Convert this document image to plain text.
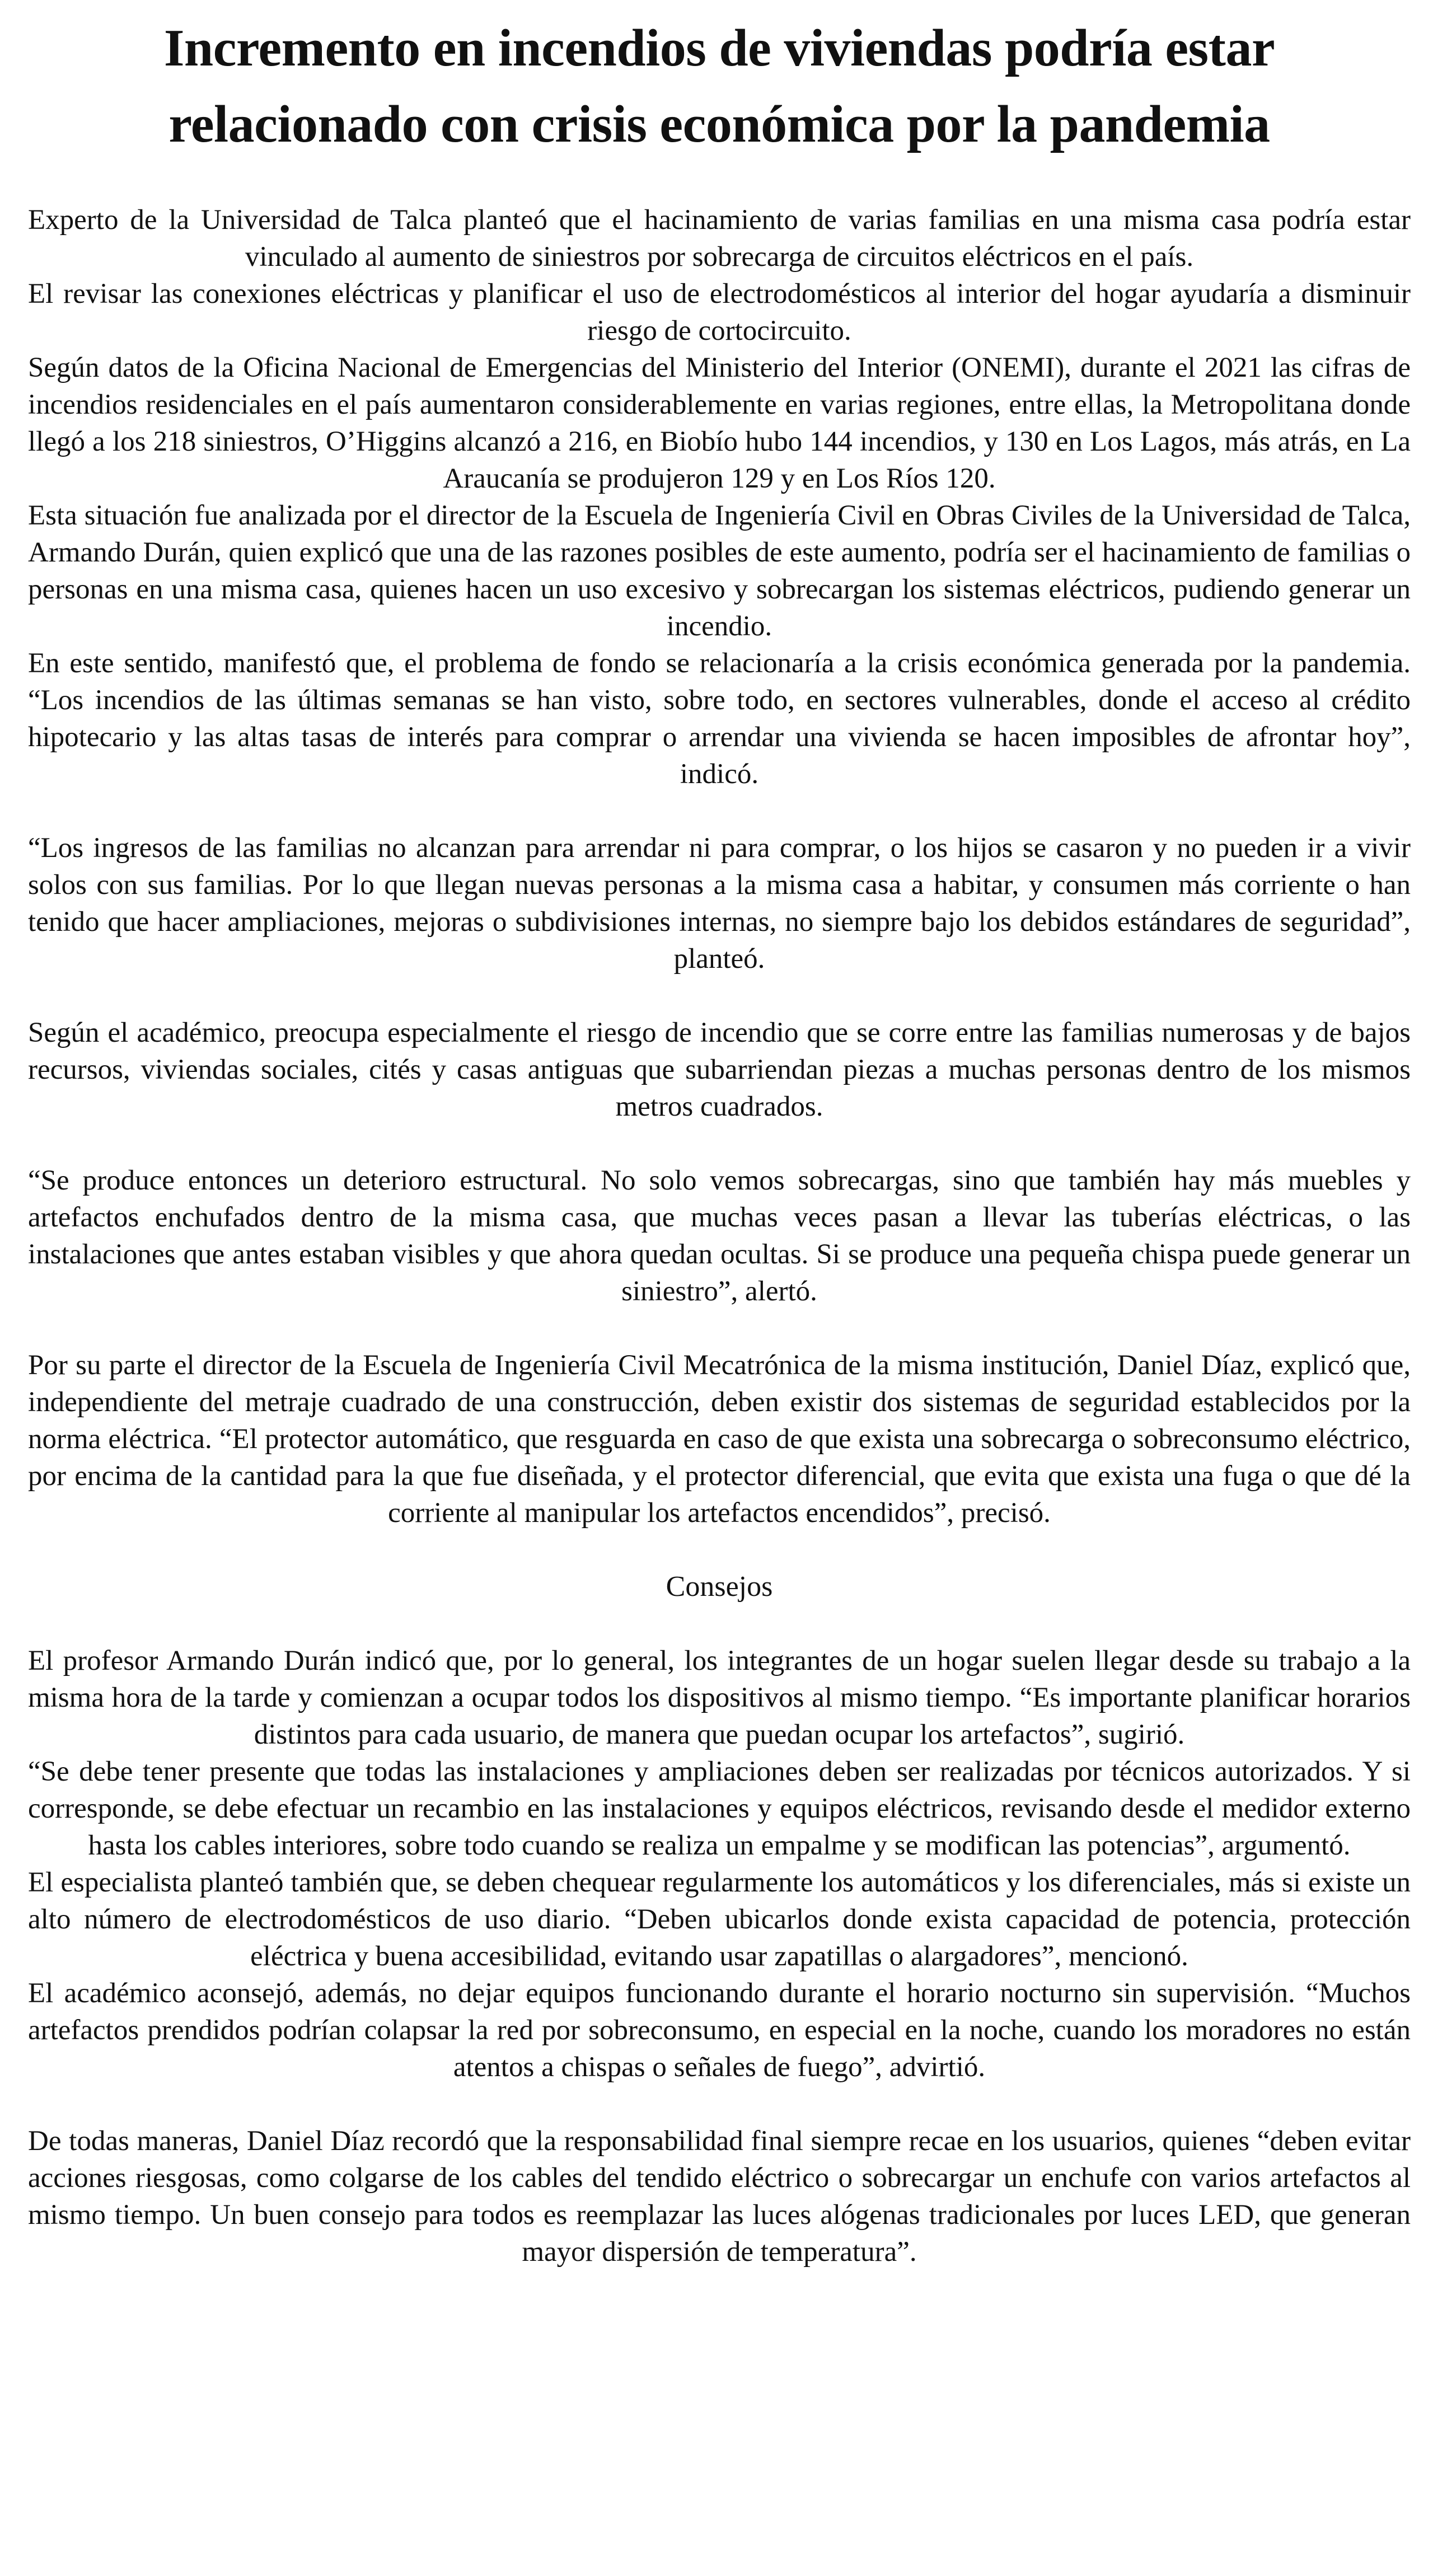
Incremento en incendios de viviendas podría estar relacionado con crisis económica por la pandemia

Experto de la Universidad de Talca planteó que el hacinamiento de varias familias en una misma casa podría estar vinculado al aumento de siniestros por sobrecarga de circuitos eléctricos en el país.

El revisar las conexiones eléctricas y planificar el uso de electrodomésticos al interior del hogar ayudaría a disminuir riesgo de cortocircuito.

Según datos de la Oficina Nacional de Emergencias del Ministerio del Interior (ONEMI), durante el 2021 las cifras de incendios residenciales en el país aumentaron considerablemente en varias regiones, entre ellas, la Metropolitana donde llegó a los 218 siniestros, O’Higgins alcanzó a 216, en Biobío hubo 144 incendios, y 130 en Los Lagos, más atrás, en La Araucanía se produjeron 129 y en Los Ríos 120.

Esta situación fue analizada por el director de la Escuela de Ingeniería Civil en Obras Civiles de la Universidad de Talca, Armando Durán, quien explicó que una de las razones posibles de este aumento, podría ser el hacinamiento de familias o personas en una misma casa, quienes hacen un uso excesivo y sobrecargan los sistemas eléctricos, pudiendo generar un incendio.

En este sentido, manifestó que, el problema de fondo se relacionaría a la crisis económica generada por la pandemia. “Los incendios de las últimas semanas se han visto, sobre todo, en sectores vulnerables, donde el acceso al crédito hipotecario y las altas tasas de interés para comprar o arrendar una vivienda se hacen imposibles de afrontar hoy”, indicó.

“Los ingresos de las familias no alcanzan para arrendar ni para comprar, o los hijos se casaron y no pueden ir a vivir solos con sus familias. Por lo que llegan nuevas personas a la misma casa a habitar, y consumen más corriente o han tenido que hacer ampliaciones, mejoras o subdivisiones internas, no siempre bajo los debidos estándares de seguridad”, planteó.

Según el académico, preocupa especialmente el riesgo de incendio que se corre entre las familias numerosas y de bajos recursos, viviendas sociales, cités y casas antiguas que subarriendan piezas a muchas personas dentro de los mismos metros cuadrados.

“Se produce entonces un deterioro estructural. No solo vemos sobrecargas, sino que también hay más muebles y artefactos enchufados dentro de la misma casa, que muchas veces pasan a llevar las tuberías eléctricas, o las instalaciones que antes estaban visibles y que ahora quedan ocultas. Si se produce una pequeña chispa puede generar un siniestro”, alertó.

Por su parte el director de la Escuela de Ingeniería Civil Mecatrónica de la misma institución, Daniel Díaz, explicó que, independiente del metraje cuadrado de una construcción, deben existir dos sistemas de seguridad establecidos por la norma eléctrica. “El protector automático, que resguarda en caso de que exista una sobrecarga o sobreconsumo eléctrico, por encima de la cantidad para la que fue diseñada, y el protector diferencial, que evita que exista una fuga o que dé la corriente al manipular los artefactos encendidos”, precisó.

Consejos

El profesor Armando Durán indicó que, por lo general, los integrantes de un hogar suelen llegar desde su trabajo a la misma hora de la tarde y comienzan a ocupar todos los dispositivos al mismo tiempo. “Es importante planificar horarios distintos para cada usuario, de manera que puedan ocupar los artefactos”, sugirió.

“Se debe tener presente que todas las instalaciones y ampliaciones deben ser realizadas por técnicos autorizados. Y si corresponde, se debe efectuar un recambio en las instalaciones y equipos eléctricos, revisando desde el medidor externo hasta los cables interiores, sobre todo cuando se realiza un empalme y se modifican las potencias”, argumentó.

El especialista planteó también que, se deben chequear regularmente los automáticos y los diferenciales, más si existe un alto número de electrodomésticos de uso diario. “Deben ubicarlos donde exista capacidad de potencia, protección eléctrica y buena accesibilidad, evitando usar zapatillas o alargadores”, mencionó.

El académico aconsejó, además, no dejar equipos funcionando durante el horario nocturno sin supervisión. “Muchos artefactos prendidos podrían colapsar la red por sobreconsumo, en especial en la noche, cuando los moradores no están atentos a chispas o señales de fuego”, advirtió.

De todas maneras, Daniel Díaz recordó que la responsabilidad final siempre recae en los usuarios, quienes “deben evitar acciones riesgosas, como colgarse de los cables del tendido eléctrico o sobrecargar un enchufe con varios artefactos al mismo tiempo. Un buen consejo para todos es reemplazar las luces alógenas tradicionales por luces LED, que generan mayor dispersión de temperatura”.
